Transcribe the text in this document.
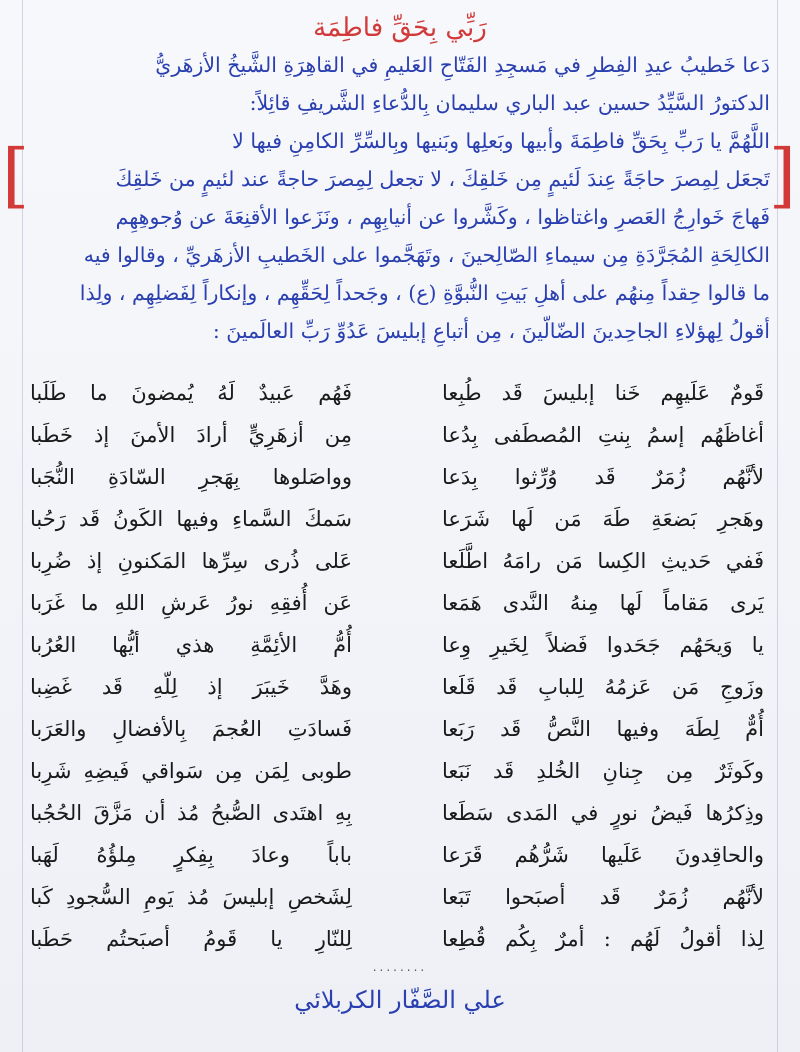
رَبِّي بِحَقِّ فاطِمَة
[
]
دَعا خَطيبُ عيدِ الفِطرِ في مَسجِدِ الفَتّاحِ العَليمِ في القاهِرَةِ الشَّيخُ الأزهَريُّ
الدكتورُ السَّيِّدُ حسين عبد الباري سليمان بِالدُّعاءِ الشَّريفِ قائِلاً:
اللَّهُمَّ يا رَبِّ بِحَقِّ فاطِمَةَ وأبيها وبَعلِها وبَنيها وبِالسِّرِّ الكامِنِ فيها لا
تَجعَل لِمِصرَ حاجَةً عِندَ لَئيمٍ مِن خَلقِكَ ، لا تجعل لِمِصرَ حاجةً عند لئيمٍ من خَلقِكَ
فَهاجَ خَوارِجُ العَصرِ واغتاظوا ، وكَشَّروا عن أنيابِهِم ، ونَزَعوا الأقنِعَةَ عن وُجوهِهِم
الكالِحَةِ المُجَرَّدَةِ مِن سيماءِ الصّالِحينَ ، وتَهَجَّموا على الخَطيبِ الأزهَريِّ ، وقالوا فيه
ما قالوا حِقداً مِنهُم على أهلِ بَيتِ النُّبوَّةِ (ع) ، وجَحداً لِحَقِّهِم ، وإنكاراً لِفَضلِهِم ، ولِذا
أقولُ لِهؤلاءِ الجاحِدينَ الضّالّينَ ، مِن أتباعِ إبليسَ عَدُوِّ رَبِّ العالَمينَ :
قَومٌ عَلَيهِم خَنا إبليسَ قَد طُبِعا
فَهُم عَبيدٌ لَهُ يُمضونَ ما طَلَبا
أغاظَهُم إسمُ بِنتِ المُصطَفى بِدُعا
مِن أزهَرِيٍّ أرادَ الأمنَ إذ خَطَبا
لأنَّهُم زُمَرٌ قَد وُرِّثوا بِدَعا
وواصَلوها بِهَجرِ السّادَةِ النُّجَبا
وهَجرِ بَضعَةِ طَهَ مَن لَها شَرَعا
سَمكَ السَّماءِ وفيها الكَونُ قَد رَحُبا
فَفي حَديثِ الكِسا مَن رامَهُ اطَّلَعا
عَلى ذُرى سِرِّها المَكنونِ إذ ضُرِبا
يَرى مَقاماً لَها مِنهُ النَّدى هَمَعا
عَن أُفقِهِ نورُ عَرشِ اللهِ ما غَرَبا
يا وَيحَهُم جَحَدوا فَضلاً لِخَيرِ وِعا
أُمُّ الأئِمَّةِ هذي أيُّها العُرُبا
وزَوجِ مَن عَزمُهُ لِلبابِ قَد قَلَعا
وهَدَّ خَيبَرَ إذ لِلّهِ قَد غَضِبا
أُمٌّ لِطَهَ وفيها النَّصُّ قَد رَبَعا
فَسادَتِ العُجمَ بِالأفضالِ والعَرَبا
وكَوثَرٌ مِن جِنانِ الخُلدِ قَد نَبَعا
طوبى لِمَن مِن سَواقي فَيضِهِ شَرِبا
وذِكرُها فَيضُ نورٍ في المَدى سَطَعا
بِهِ اهتَدى الصُّبحُ مُذ أن مَزَّقَ الحُجُبا
والحاقِدونَ عَلَيها شَرُّهُم قَرَعا
باباً وعادَ بِفِكرٍ مِلؤُهُ لَهَبا
لأنَّهُم زُمَرٌ قَد أصبَحوا تَبَعا
لِشَخصِ إبليسَ مُذ يَومِ السُّجودِ كَبا
لِذا أقولُ لَهُم : أمرٌ بِكُم قُطِعا
لِلنّارِ يا قَومُ أصبَحتُم حَطَبا
........
علي الصَّفّار الكربلائي
